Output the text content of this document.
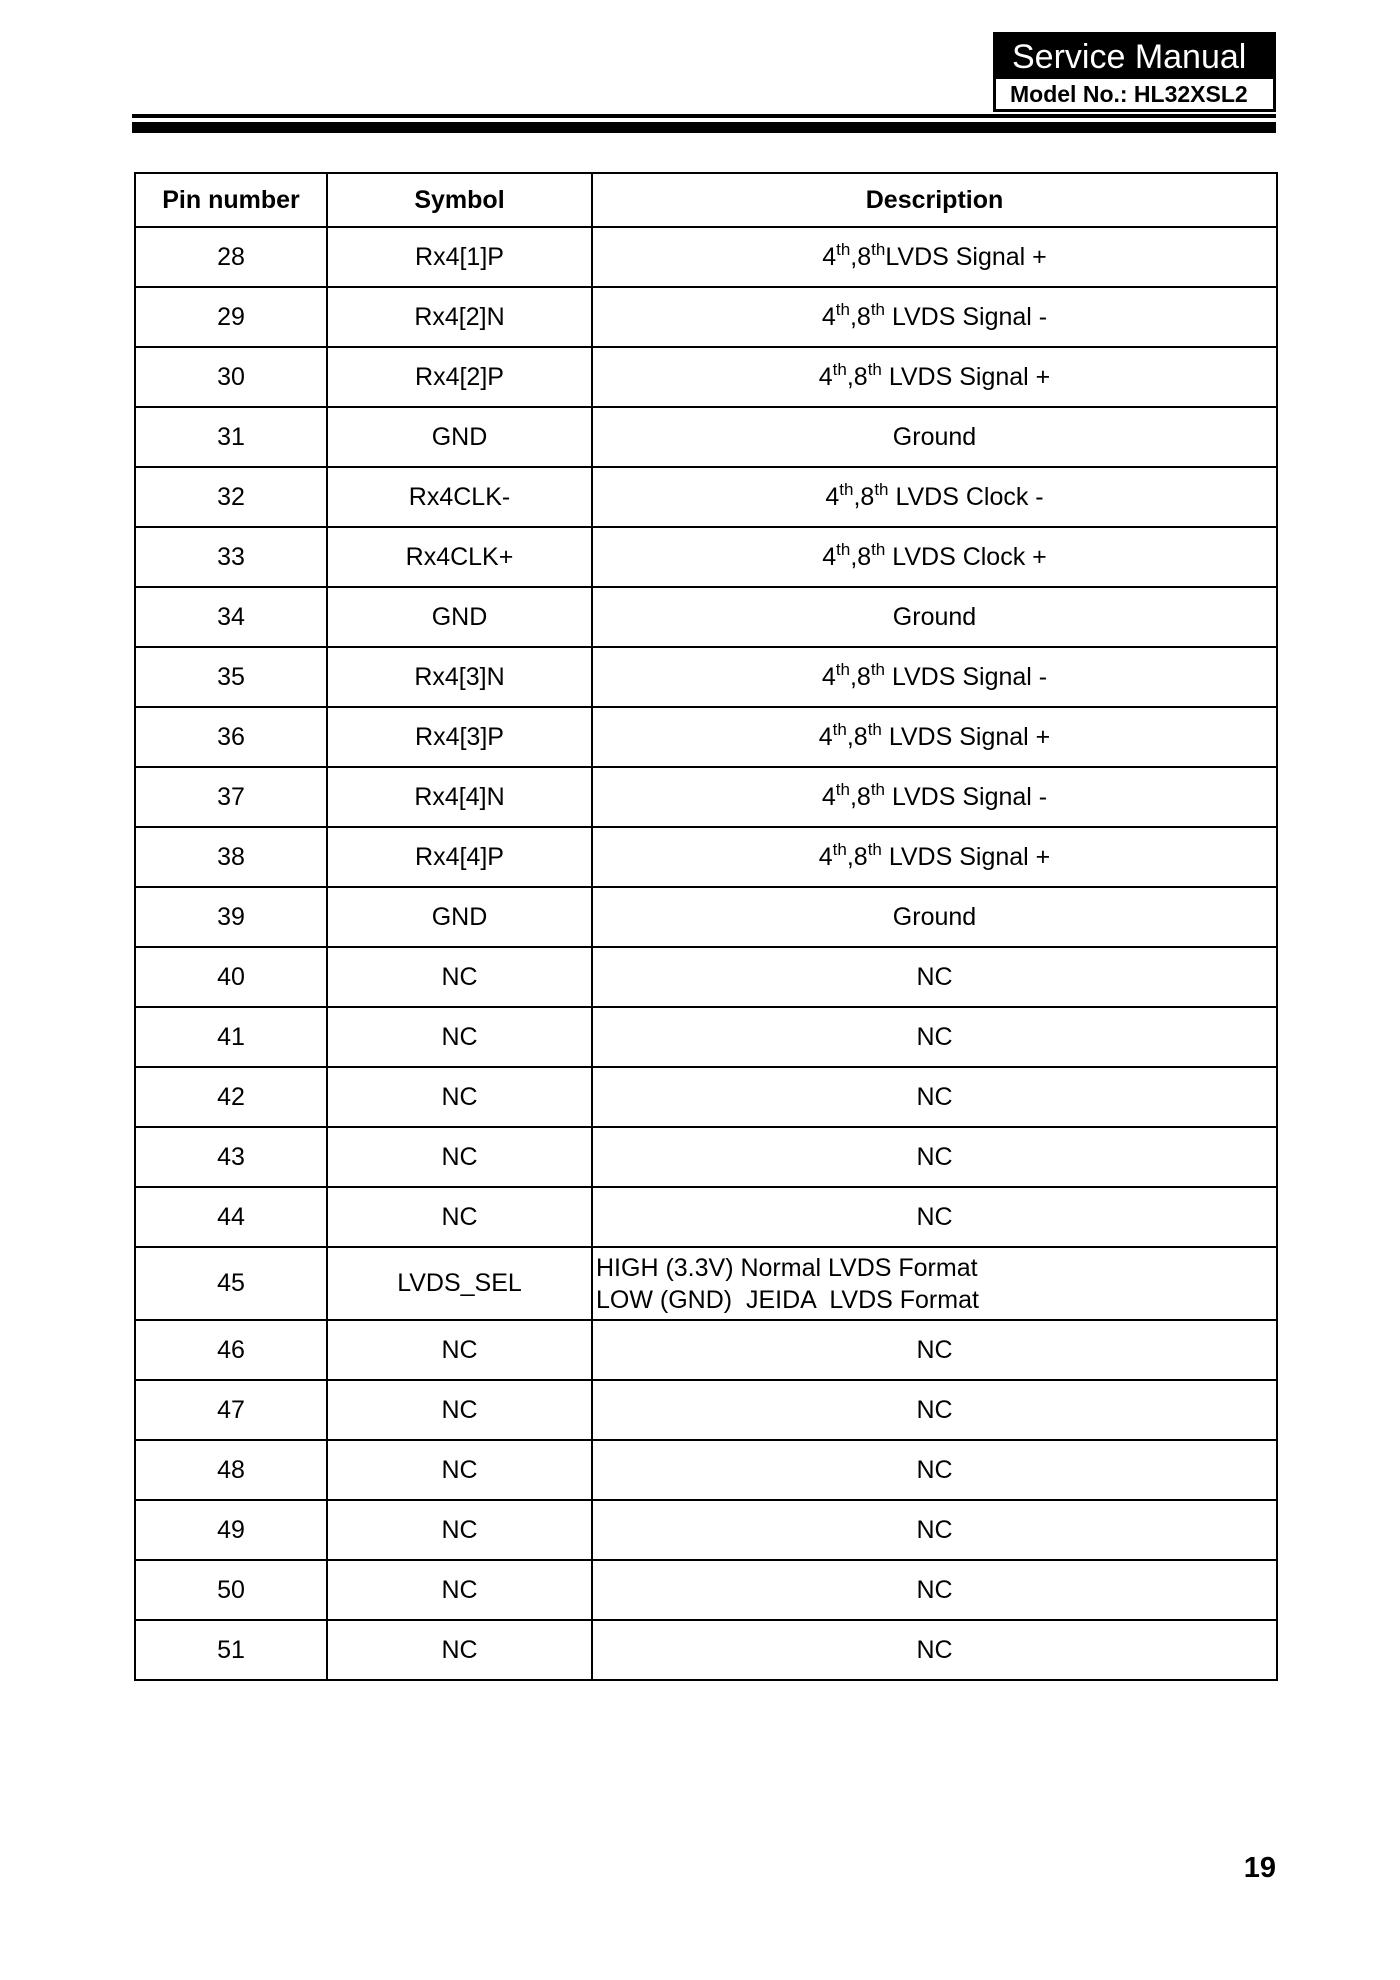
Service Manual
Model No.: HL32XSL2
Pin number	Symbol	Description
28	Rx4[1]P	4th,8thLVDS Signal +
29	Rx4[2]N	4th,8th LVDS Signal -
30	Rx4[2]P	4th,8th LVDS Signal +
31	GND	Ground
32	Rx4CLK-	4th,8th LVDS Clock -
33	Rx4CLK+	4th,8th LVDS Clock +
34	GND	Ground
35	Rx4[3]N	4th,8th LVDS Signal -
36	Rx4[3]P	4th,8th LVDS Signal +
37	Rx4[4]N	4th,8th LVDS Signal -
38	Rx4[4]P	4th,8th LVDS Signal +
39	GND	Ground
40	NC	NC
41	NC	NC
42	NC	NC
43	NC	NC
44	NC	NC
45	LVDS_SEL	HIGH (3.3V) Normal LVDS Format
LOW (GND)  JEIDA  LVDS Format

46	NC	NC
47	NC	NC
48	NC	NC
49	NC	NC
50	NC	NC
51	NC	NC
19
